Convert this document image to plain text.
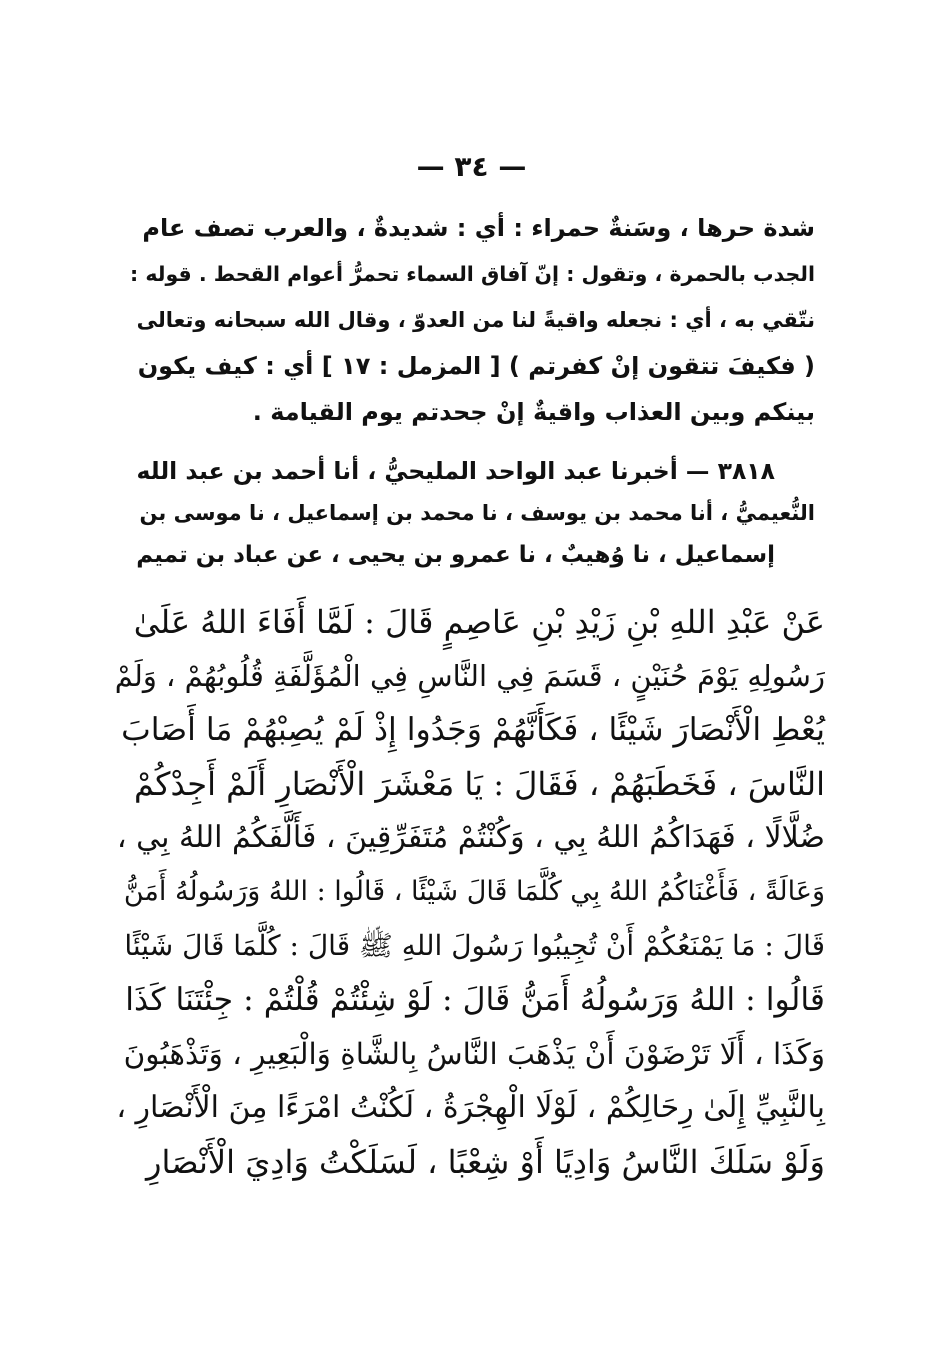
— ٣٤ —
شدة حرها ، وسَنةٌ حمراء : أي : شديدةٌ ، والعرب تصف عام
الجدب بالحمرة ، وتقول : إنّ آفاق السماء تحمرُّ أعوام القحط . قوله :
نتّقي به ، أي : نجعله واقيةً لنا من العدوّ ، وقال الله سبحانه وتعالى
( فكيفَ تتقون إنْ كفرتم ) [ المزمل : ١٧ ] أي : كيف يكون
بينكم وبين العذاب واقيةٌ إنْ جحدتم يوم القيامة .
٣٨١٨ — أخبرنا عبد الواحد المليحيُّ ، أنا أحمد بن عبد الله
النُّعيميُّ ، أنا محمد بن يوسف ، نا محمد بن إسماعيل ، نا موسى بن
إسماعيل ، نا وُهيبٌ ، نا عمرو بن يحيى ، عن عباد بن تميم
عَنْ عَبْدِ اللهِ بْنِ زَيْدِ بْنِ عَاصِمٍ قَالَ : لَمَّا أَفَاءَ اللهُ عَلَىٰ
رَسُولِهِ يَوْمَ حُنَيْنٍ ، قَسَمَ فِي النَّاسِ فِي الْمُؤَلَّفَةِ قُلُوبُهُمْ ، وَلَمْ
يُعْطِ الْأَنْصَارَ شَيْئًا ، فَكَأَنَّهُمْ وَجَدُوا إِذْ لَمْ يُصِبْهُمْ مَا أَصَابَ
النَّاسَ ، فَخَطَبَهُمْ ، فَقَالَ : يَا مَعْشَرَ الْأَنْصَارِ أَلَمْ أَجِدْكُمْ
ضُلَّالًا ، فَهَدَاكُمُ اللهُ بِي ، وَكُنْتُمْ مُتَفَرِّقِينَ ، فَأَلَّفَكُمُ اللهُ بِي ،
وَعَالَةً ، فَأَغْنَاكُمُ اللهُ بِي كُلَّمَا قَالَ شَيْئًا ، قَالُوا : اللهُ وَرَسُولُهُ أَمَنُّ
قَالَ : مَا يَمْنَعُكُمْ أَنْ تُجِيبُوا رَسُولَ اللهِ ﷺ قَالَ : كُلَّمَا قَالَ شَيْئًا
قَالُوا : اللهُ وَرَسُولُهُ أَمَنُّ قَالَ : لَوْ شِئْتُمْ قُلْتُمْ : جِئْتَنَا كَذَا
وَكَذَا ، أَلَا تَرْضَوْنَ أَنْ يَذْهَبَ النَّاسُ بِالشَّاةِ وَالْبَعِيرِ ، وَتَذْهَبُونَ
بِالنَّبِيِّ إِلَىٰ رِحَالِكُمْ ، لَوْلَا الْهِجْرَةُ ، لَكُنْتُ امْرَءًا مِنَ الْأَنْصَارِ ،
وَلَوْ سَلَكَ النَّاسُ وَادِيًا أَوْ شِعْبًا ، لَسَلَكْتُ وَادِيَ الْأَنْصَارِ
